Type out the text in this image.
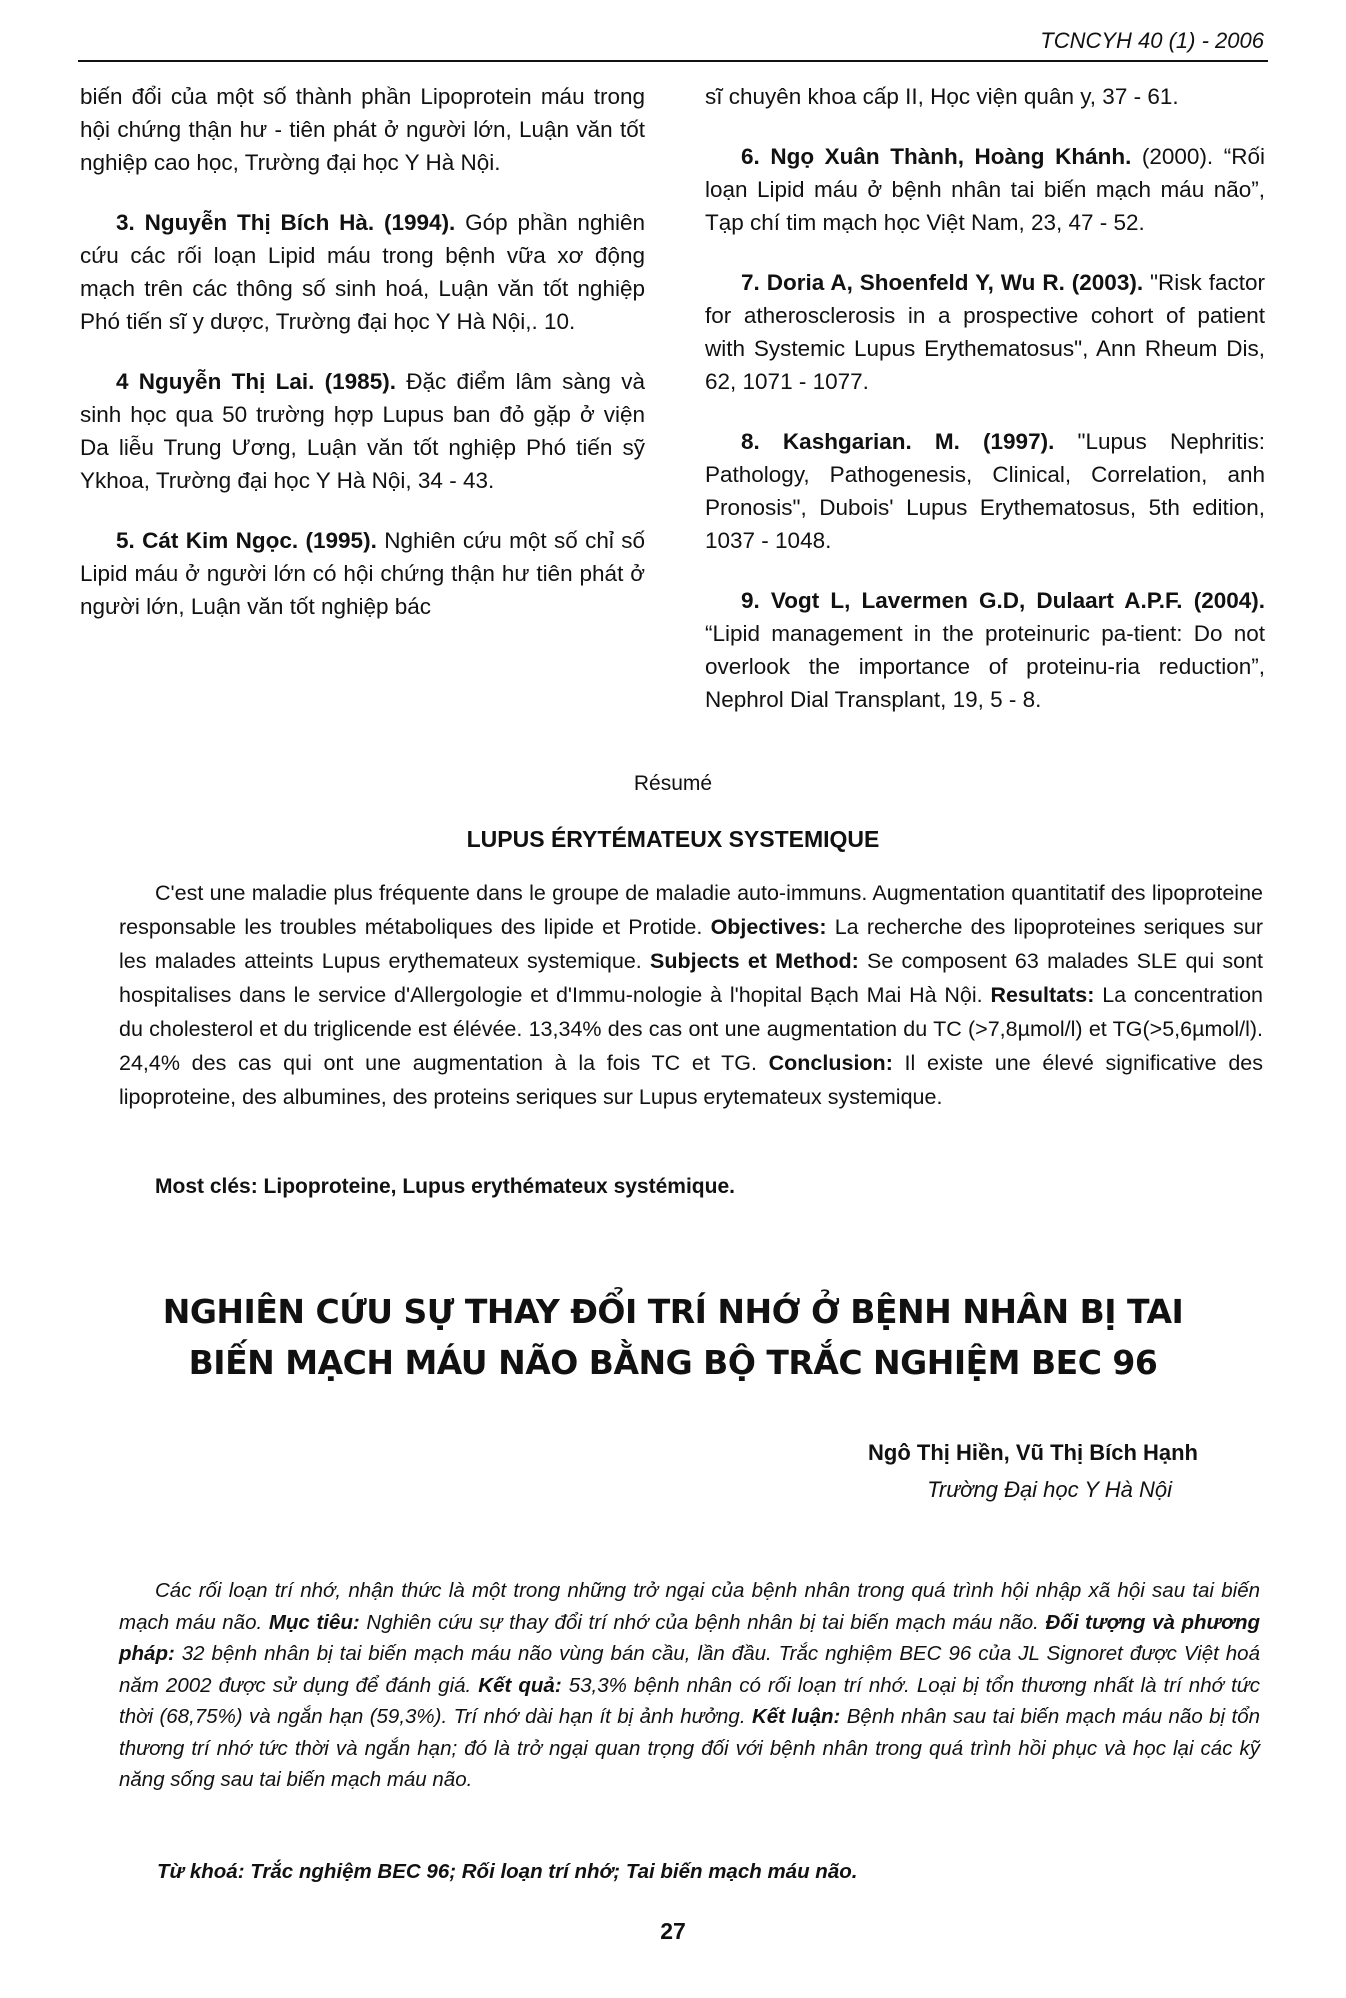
TCNCYH 40 (1) - 2006

biến đổi của một số thành phần Lipoprotein máu trong hội chứng thận hư - tiên phát ở người lớn, Luận văn tốt nghiệp cao học, Trường đại học Y Hà Nội.

3. Nguyễn Thị Bích Hà. (1994). Góp phần nghiên cứu các rối loạn Lipid máu trong bệnh vữa xơ động mạch trên các thông số sinh hoá, Luận văn tốt nghiệp Phó tiến sĩ y dược, Trường đại học Y Hà Nội,. 10.

4 Nguyễn Thị Lai. (1985). Đặc điểm lâm sàng và sinh học qua 50 trường hợp Lupus ban đỏ gặp ở viện Da liễu Trung Ương, Luận văn tốt nghiệp Phó tiến sỹ Ykhoa, Trường đại học Y Hà Nội, 34 - 43.

5. Cát Kim Ngọc. (1995). Nghiên cứu một số chỉ số Lipid máu ở người lớn có hội chứng thận hư tiên phát ở người lớn, Luận văn tốt nghiệp bác

sĩ chuyên khoa cấp II, Học viện quân y, 37 - 61.

6. Ngọ Xuân Thành, Hoàng Khánh. (2000). “Rối loạn Lipid máu ở bệnh nhân tai biến mạch máu não”, Tạp chí tim mạch học Việt Nam, 23, 47 - 52.

7. Doria A, Shoenfeld Y, Wu R. (2003). "Risk factor for atherosclerosis in a prospective cohort of patient with Systemic Lupus Erythematosus", Ann Rheum Dis, 62, 1071 - 1077.

8. Kashgarian. M. (1997). "Lupus Nephritis: Pathology, Pathogenesis, Clinical, Correlation, anh Pronosis", Dubois' Lupus Erythematosus, 5th edition, 1037 - 1048.

9. Vogt L, Lavermen G.D, Dulaart A.P.F. (2004). “Lipid management in the proteinuric pa-tient: Do not overlook the importance of proteinu-ria reduction”, Nephrol Dial Transplant, 19, 5 - 8.

Résumé
LUPUS ÉRYTÉMATEUX SYSTEMIQUE

C'est une maladie plus fréquente dans le groupe de maladie auto-immuns. Augmentation quantitatif des lipoproteine responsable les troubles métaboliques des lipide et Protide. Objectives: La recherche des lipoproteines seriques sur les malades atteints Lupus erythemateux systemique. Subjects et Method: Se composent 63 malades SLE qui sont hospitalises dans le service d'Allergologie et d'Immu-nologie à l'hopital Bạch Mai Hà Nội. Resultats: La concentration du cholesterol et du triglicende est élévée. 13,34% des cas ont une augmentation du TC (>7,8µmol/l) et TG(>5,6µmol/l). 24,4% des cas qui ont une augmentation à la fois TC et TG. Conclusion: Il existe une élevé significative des lipoproteine, des albumines, des proteins seriques sur Lupus erytemateux systemique.

Most clés: Lipoproteine, Lupus erythémateux systémique.
NGHIÊN CỨU SỰ THAY ĐỔI TRÍ NHỚ Ở BỆNH NHÂN BỊ TAI
BIẾN MẠCH MÁU NÃO BẰNG BỘ TRẮC NGHIỆM BEC 96
Ngô Thị Hiền, Vũ Thị Bích Hạnh
Trường Đại học Y Hà Nội

Các rối loạn trí nhớ, nhận thức là một trong những trở ngại của bệnh nhân trong quá trình hội nhập xã hội sau tai biến mạch máu não. Mục tiêu: Nghiên cứu sự thay đổi trí nhớ của bệnh nhân bị tai biến mạch máu não. Đối tượng và phương pháp: 32 bệnh nhân bị tai biến mạch máu não vùng bán cầu, lần đầu. Trắc nghiệm BEC 96 của JL Signoret được Việt hoá năm 2002 được sử dụng để đánh giá. Kết quả: 53,3% bệnh nhân có rối loạn trí nhớ. Loại bị tổn thương nhất là trí nhớ tức thời (68,75%) và ngắn hạn (59,3%). Trí nhớ dài hạn ít bị ảnh hưởng. Kết luận: Bệnh nhân sau tai biến mạch máu não bị tổn thương trí nhớ tức thời và ngắn hạn; đó là trở ngại quan trọng đối với bệnh nhân trong quá trình hồi phục và học lại các kỹ năng sống sau tai biến mạch máu não.

Từ khoá: Trắc nghiệm BEC 96; Rối loạn trí nhớ; Tai biến mạch máu não.
27
